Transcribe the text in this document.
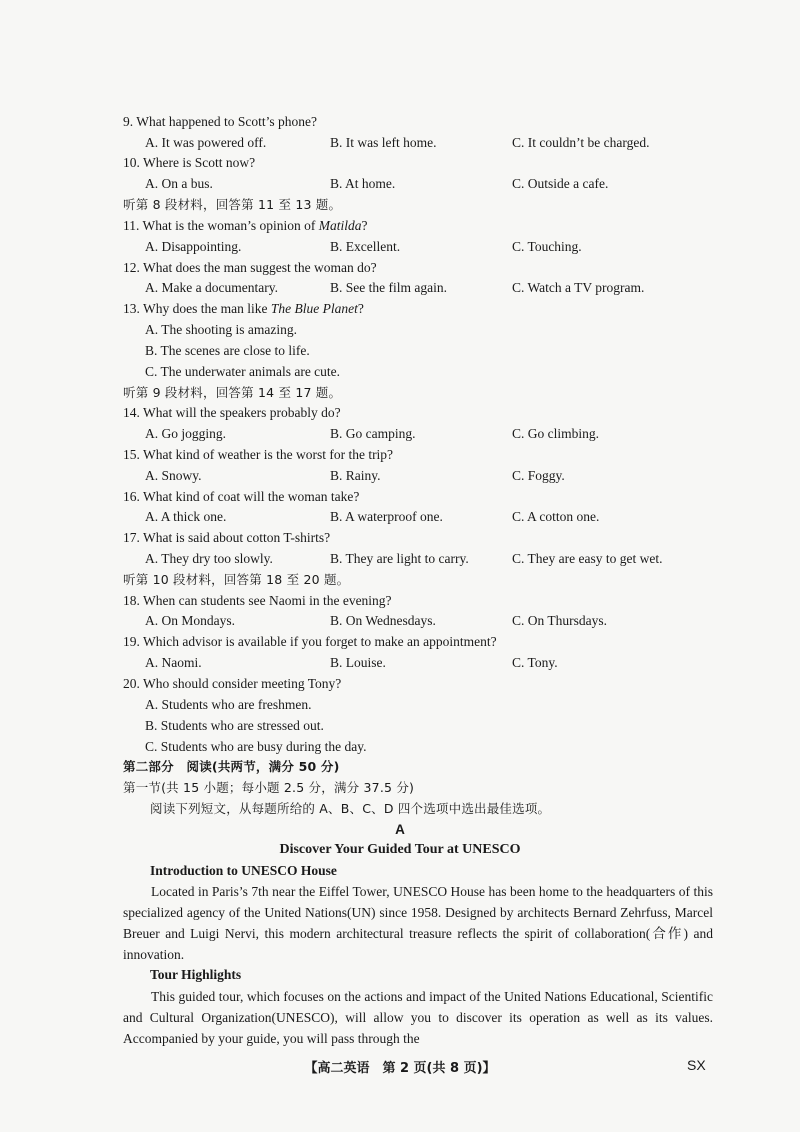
9. What happened to Scott’s phone?
A. It was powered off.	B. It was left home.	C. It couldn’t be charged.
10. Where is Scott now?
A. On a bus.	B. At home.	C. Outside a cafe.
听第 8 段材料，回答第 11 至 13 题。
11. What is the woman’s opinion of Matilda?
A. Disappointing.	B. Excellent.	C. Touching.
12. What does the man suggest the woman do?
A. Make a documentary.	B. See the film again.	C. Watch a TV program.
13. Why does the man like The Blue Planet?
A. The shooting is amazing.
B. The scenes are close to life.
C. The underwater animals are cute.
听第 9 段材料，回答第 14 至 17 题。
14. What will the speakers probably do?
A. Go jogging.	B. Go camping.	C. Go climbing.
15. What kind of weather is the worst for the trip?
A. Snowy.	B. Rainy.	C. Foggy.
16. What kind of coat will the woman take?
A. A thick one.	B. A waterproof one.	C. A cotton one.
17. What is said about cotton T-shirts?
A. They dry too slowly.	B. They are light to carry.	C. They are easy to get wet.
听第 10 段材料，回答第 18 至 20 题。
18. When can students see Naomi in the evening?
A. On Mondays.	B. On Wednesdays.	C. On Thursdays.
19. Which advisor is available if you forget to make an appointment?
A. Naomi.	B. Louise.	C. Tony.
20. Who should consider meeting Tony?
A. Students who are freshmen.
B. Students who are stressed out.
C. Students who are busy during the day.
第二部分　阅读(共两节，满分 50 分)
第一节(共 15 小题；每小题 2.5 分，满分 37.5 分)
阅读下列短文，从每题所给的 A、B、C、D 四个选项中选出最佳选项。
A
Discover Your Guided Tour at UNESCO
Introduction to UNESCO House
Located in Paris’s 7th near the Eiffel Tower, UNESCO House has been home to the headquarters of this specialized agency of the United Nations(UN) since 1958. Designed by architects Bernard Zehrfuss, Marcel Breuer and Luigi Nervi, this modern architectural treasure reflects the spirit of collaboration(合作) and innovation.
Tour Highlights
This guided tour, which focuses on the actions and impact of the United Nations Educational, Scientific and Cultural Organization(UNESCO), will allow you to discover its operation as well as its values. Accompanied by your guide, you will pass through the
【高二英语　第 2 页(共 8 页)】	SX
